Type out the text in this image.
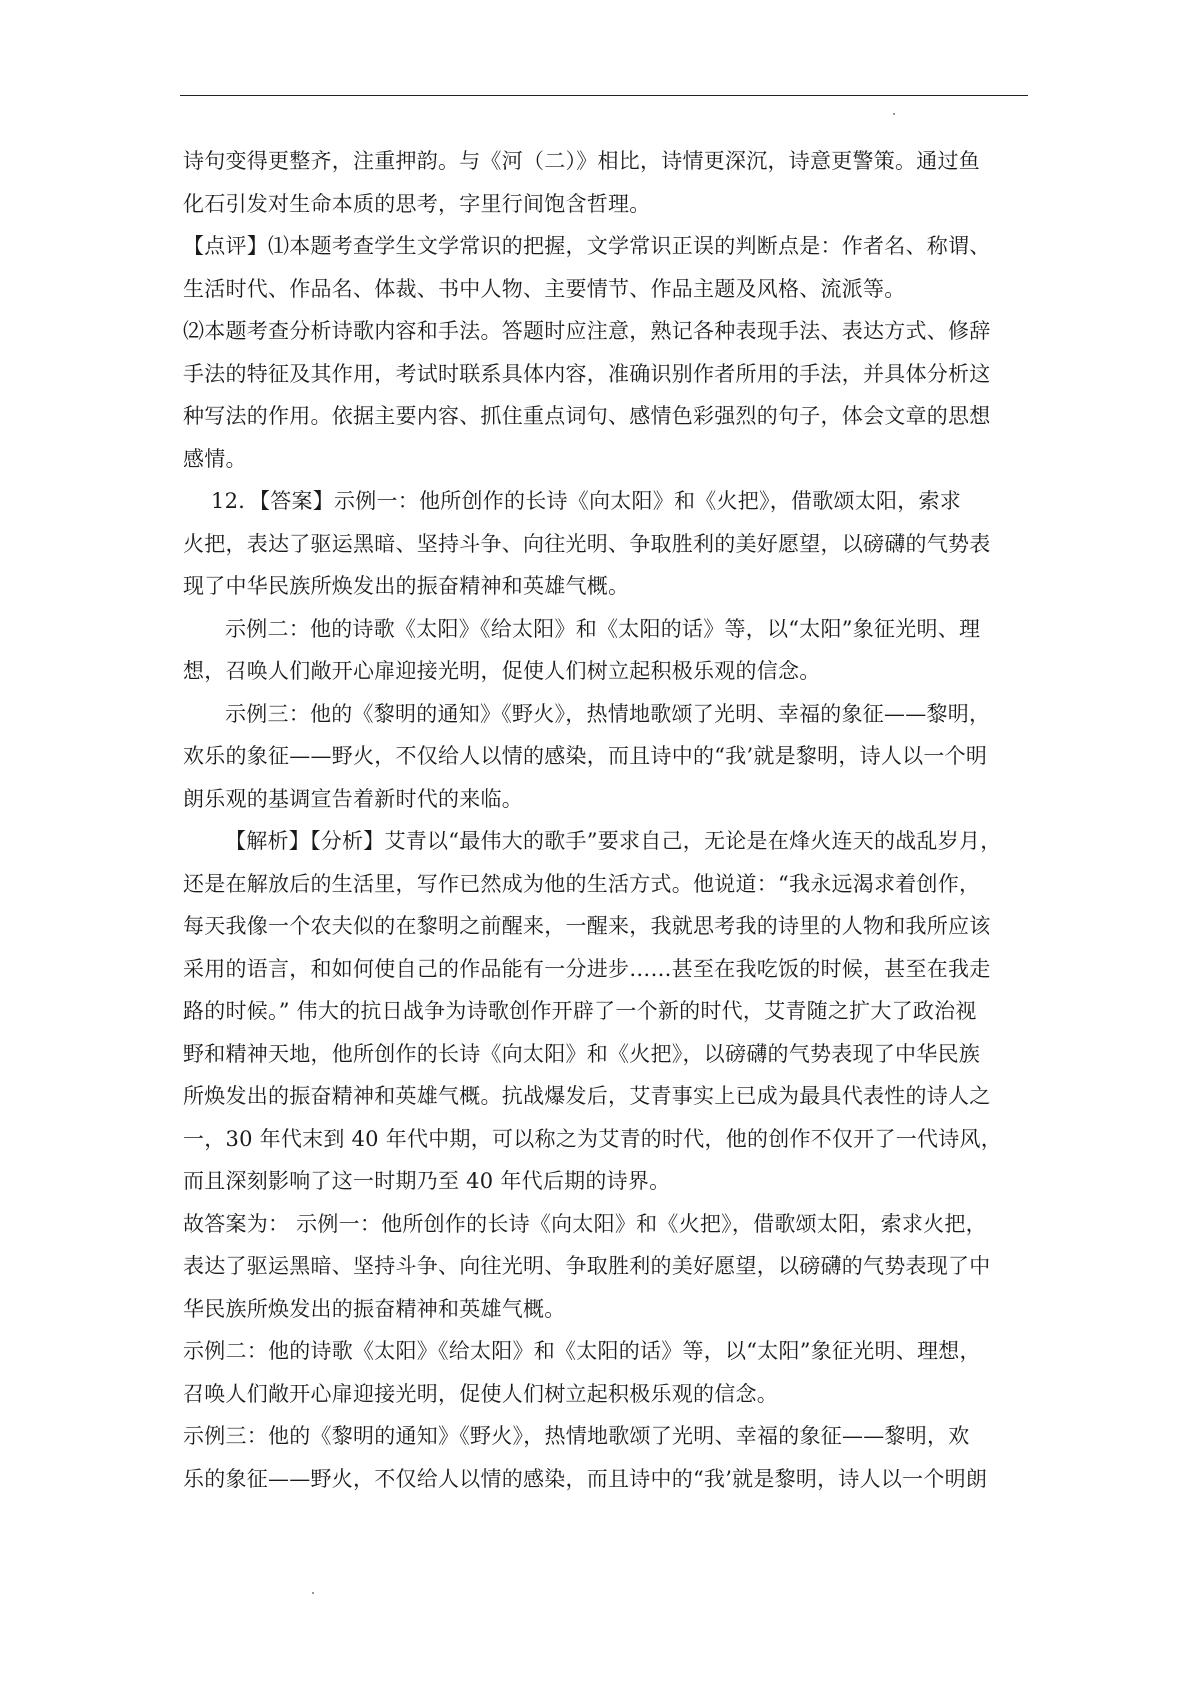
诗句变得更整齐，注重押韵。与《河（二）》相比，诗情更深沉，诗意更警策。通过鱼
化石引发对生命本质的思考，字里行间饱含哲理。
【点评】⑴本题考查学生文学常识的把握，文学常识正误的判断点是：作者名、称谓、
生活时代、作品名、体裁、书中人物、主要情节、作品主题及风格、流派等。
⑵本题考查分析诗歌内容和手法。答题时应注意，熟记各种表现手法、表达方式、修辞
手法的特征及其作用，考试时联系具体内容，准确识别作者所用的手法，并具体分析这
种写法的作用。依据主要内容、抓住重点词句、感情色彩强烈的句子，体会文章的思想
感情。
12．【答案】示例一：他所创作的长诗《向太阳》和《火把》，借歌颂太阳，索求
火把，表达了驱运黑暗、坚持斗争、向往光明、争取胜利的美好愿望，以磅礴的气势表
现了中华民族所焕发出的振奋精神和英雄气概。
示例二：他的诗歌《太阳》《给太阳》和《太阳的话》等，以“太阳”象征光明、理
想，召唤人们敞开心扉迎接光明，促使人们树立起积极乐观的信念。
示例三：他的《黎明的通知》《野火》，热情地歌颂了光明、幸福的象征——黎明，
欢乐的象征——野火，不仅给人以情的感染，而且诗中的“我’就是黎明，诗人以一个明
朗乐观的基调宣告着新时代的来临。
【解析】【分析】艾青以“最伟大的歌手”要求自己，无论是在烽火连天的战乱岁月，
还是在解放后的生活里，写作已然成为他的生活方式。他说道：“我永远渴求着创作，
每天我像一个农夫似的在黎明之前醒来，一醒来，我就思考我的诗里的人物和我所应该
采用的语言，和如何使自己的作品能有一分进步……甚至在我吃饭的时候，甚至在我走
路的时候。” 伟大的抗日战争为诗歌创作开辟了一个新的时代，艾青随之扩大了政治视
野和精神天地，他所创作的长诗《向太阳》和《火把》，以磅礴的气势表现了中华民族
所焕发出的振奋精神和英雄气概。抗战爆发后，艾青事实上已成为最具代表性的诗人之
一，30 年代末到 40 年代中期，可以称之为艾青的时代，他的创作不仅开了一代诗风，
而且深刻影响了这一时期乃至 40 年代后期的诗界。
故答案为： 示例一：他所创作的长诗《向太阳》和《火把》，借歌颂太阳，索求火把，
表达了驱运黑暗、坚持斗争、向往光明、争取胜利的美好愿望，以磅礴的气势表现了中
华民族所焕发出的振奋精神和英雄气概。
示例二：他的诗歌《太阳》《给太阳》和《太阳的话》等，以“太阳”象征光明、理想，
召唤人们敞开心扉迎接光明，促使人们树立起积极乐观的信念。
示例三：他的《黎明的通知》《野火》，热情地歌颂了光明、幸福的象征——黎明，欢
乐的象征——野火，不仅给人以情的感染，而且诗中的“我’就是黎明，诗人以一个明朗
